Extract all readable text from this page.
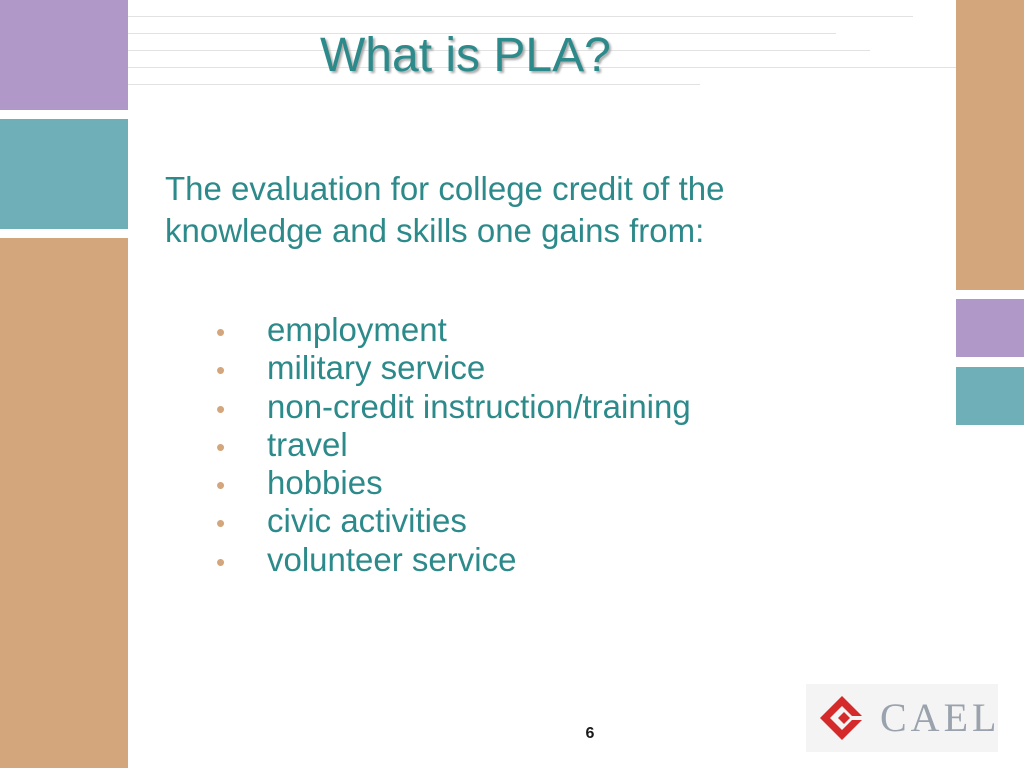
What is PLA?

The evaluation for college credit of the knowledge and skills one gains from:

•	employment
•	military service
•	non-credit instruction/training
•	travel
•	hobbies
•	civic activities
•	volunteer service
6	CAEL
